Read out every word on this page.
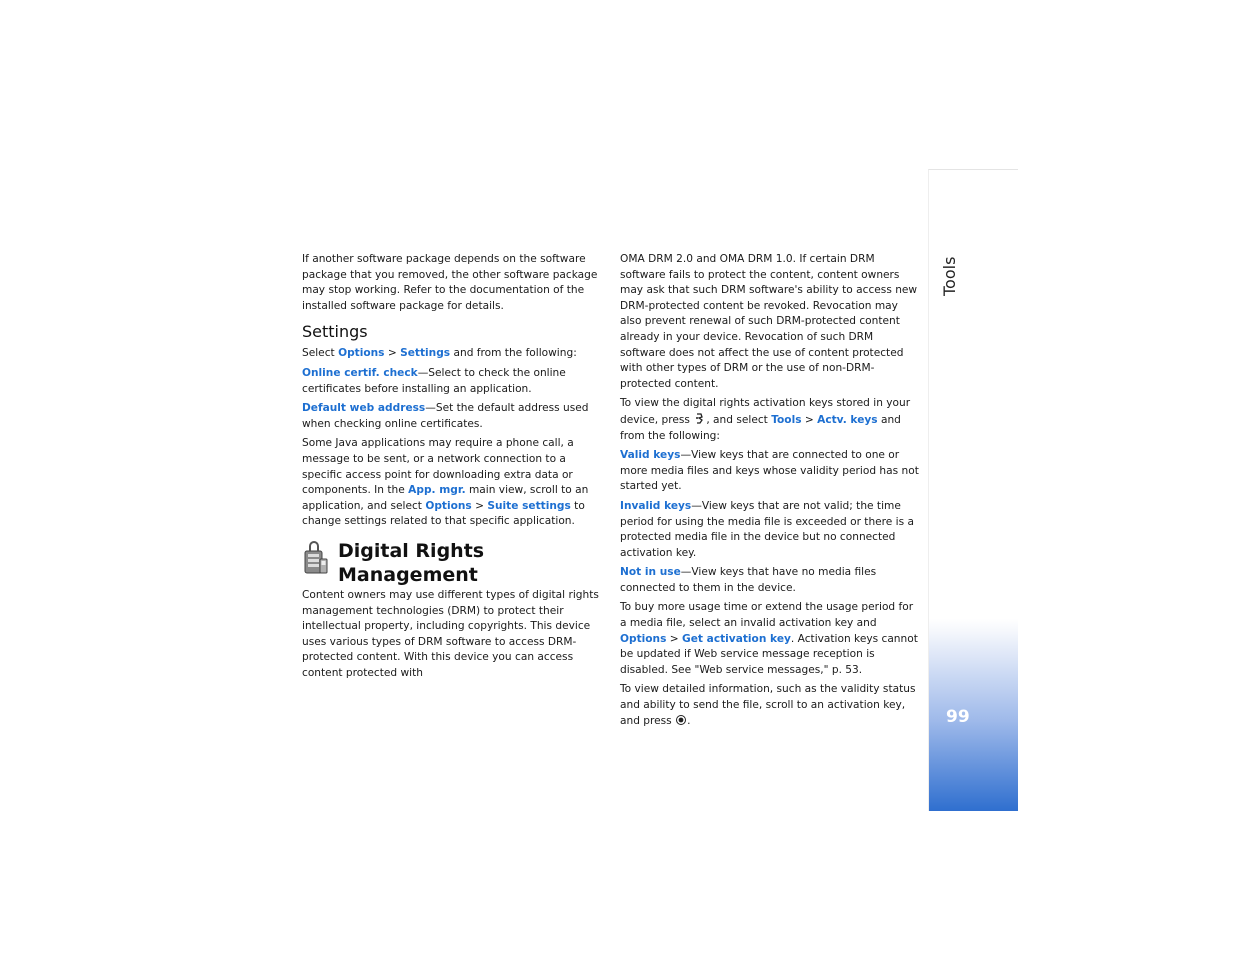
Tools
99

If another software package depends on the software package that you removed, the other software package may stop working. Refer to the documentation of the installed software package for details.

Settings

Select Options > Settings and from the following:

Online certif. check—Select to check the online certificates before installing an application.

Default web address—Set the default address used when checking online certificates.

Some Java applications may require a phone call, a message to be sent, or a network connection to a specific access point for downloading extra data or components. In the App. mgr. main view, scroll to an application, and select Options > Suite settings to change settings related to that specific application.

Digital Rights Management

Content owners may use different types of digital rights management technologies (DRM) to protect their intellectual property, including copyrights. This device uses various types of DRM software to access DRM-protected content. With this device you can access content protected with

OMA DRM 2.0 and OMA DRM 1.0. If certain DRM software fails to protect the content, content owners may ask that such DRM software's ability to access new DRM-protected content be revoked. Revocation may also prevent renewal of such DRM-protected content already in your device. Revocation of such DRM software does not affect the use of content protected with other types of DRM or the use of non-DRM-protected content.

To view the digital rights activation keys stored in your device, press , and select Tools > Actv. keys and from the following:

Valid keys—View keys that are connected to one or more media files and keys whose validity period has not started yet.

Invalid keys—View keys that are not valid; the time period for using the media file is exceeded or there is a protected media file in the device but no connected activation key.

Not in use—View keys that have no media files connected to them in the device.

To buy more usage time or extend the usage period for a media file, select an invalid activation key and Options > Get activation key. Activation keys cannot be updated if Web service message reception is disabled. See "Web service messages," p. 53.

To view detailed information, such as the validity status and ability to send the file, scroll to an activation key, and press .
